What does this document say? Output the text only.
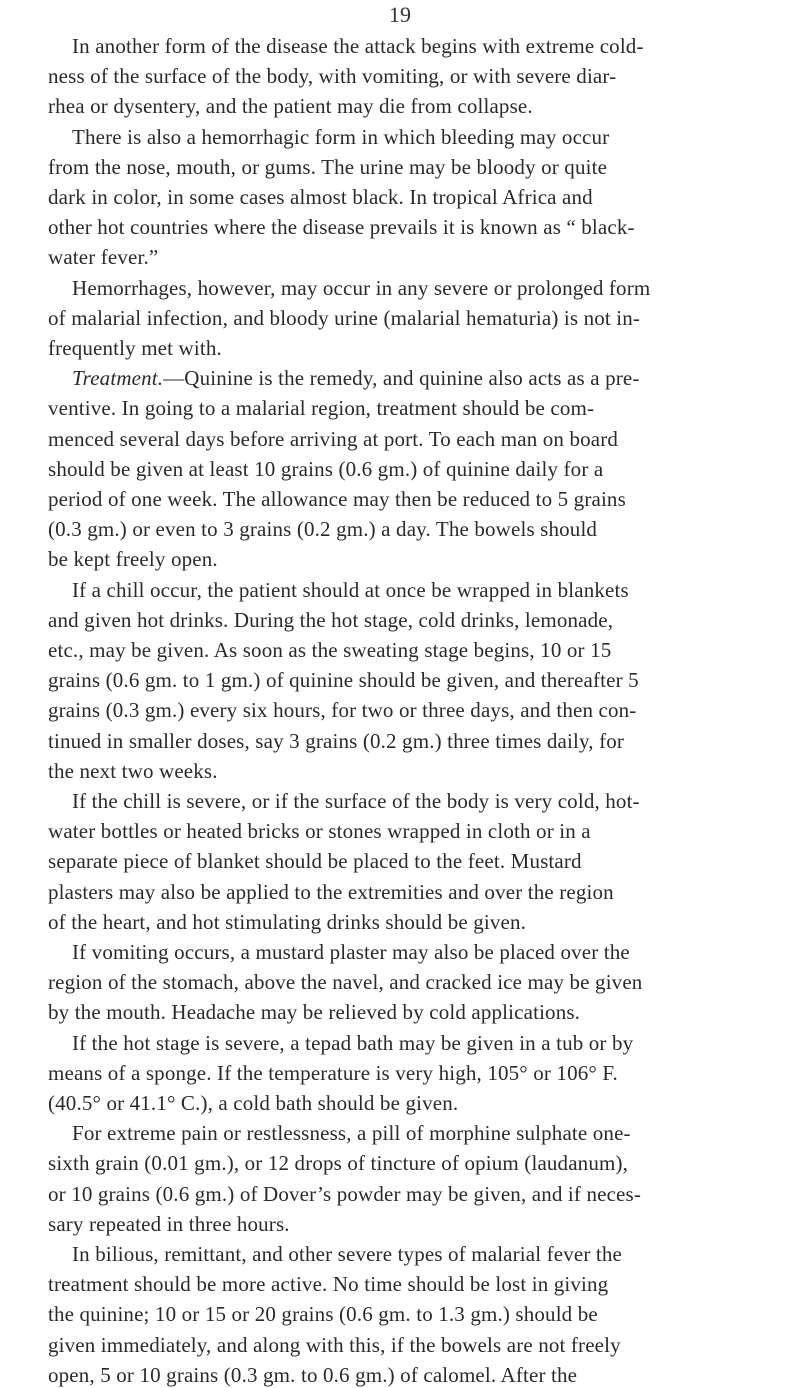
19
In another form of the disease the attack begins with extreme cold-
ness of the surface of the body, with vomiting, or with severe diar-
rhea or dysentery, and the patient may die from collapse.
There is also a hemorrhagic form in which bleeding may occur
from the nose, mouth, or gums. The urine may be bloody or quite
dark in color, in some cases almost black. In tropical Africa and
other hot countries where the disease prevails it is known as “ black-
water fever.”
Hemorrhages, however, may occur in any severe or prolonged form
of malarial infection, and bloody urine (malarial hematuria) is not in-
frequently met with.
Treatment.—Quinine is the remedy, and quinine also acts as a pre-
ventive. In going to a malarial region, treatment should be com-
menced several days before arriving at port. To each man on board
should be given at least 10 grains (0.6 gm.) of quinine daily for a
period of one week. The allowance may then be reduced to 5 grains
(0.3 gm.) or even to 3 grains (0.2 gm.) a day. The bowels should
be kept freely open.
If a chill occur, the patient should at once be wrapped in blankets
and given hot drinks. During the hot stage, cold drinks, lemonade,
etc., may be given. As soon as the sweating stage begins, 10 or 15
grains (0.6 gm. to 1 gm.) of quinine should be given, and thereafter 5
grains (0.3 gm.) every six hours, for two or three days, and then con-
tinued in smaller doses, say 3 grains (0.2 gm.) three times daily, for
the next two weeks.
If the chill is severe, or if the surface of the body is very cold, hot-
water bottles or heated bricks or stones wrapped in cloth or in a
separate piece of blanket should be placed to the feet. Mustard
plasters may also be applied to the extremities and over the region
of the heart, and hot stimulating drinks should be given.
If vomiting occurs, a mustard plaster may also be placed over the
region of the stomach, above the navel, and cracked ice may be given
by the mouth. Headache may be relieved by cold applications.
If the hot stage is severe, a tepad bath may be given in a tub or by
means of a sponge. If the temperature is very high, 105° or 106° F.
(40.5° or 41.1° C.), a cold bath should be given.
For extreme pain or restlessness, a pill of morphine sulphate one-
sixth grain (0.01 gm.), or 12 drops of tincture of opium (laudanum),
or 10 grains (0.6 gm.) of Dover’s powder may be given, and if neces-
sary repeated in three hours.
In bilious, remittant, and other severe types of malarial fever the
treatment should be more active. No time should be lost in giving
the quinine; 10 or 15 or 20 grains (0.6 gm. to 1.3 gm.) should be
given immediately, and along with this, if the bowels are not freely
open, 5 or 10 grains (0.3 gm. to 0.6 gm.) of calomel. After the
